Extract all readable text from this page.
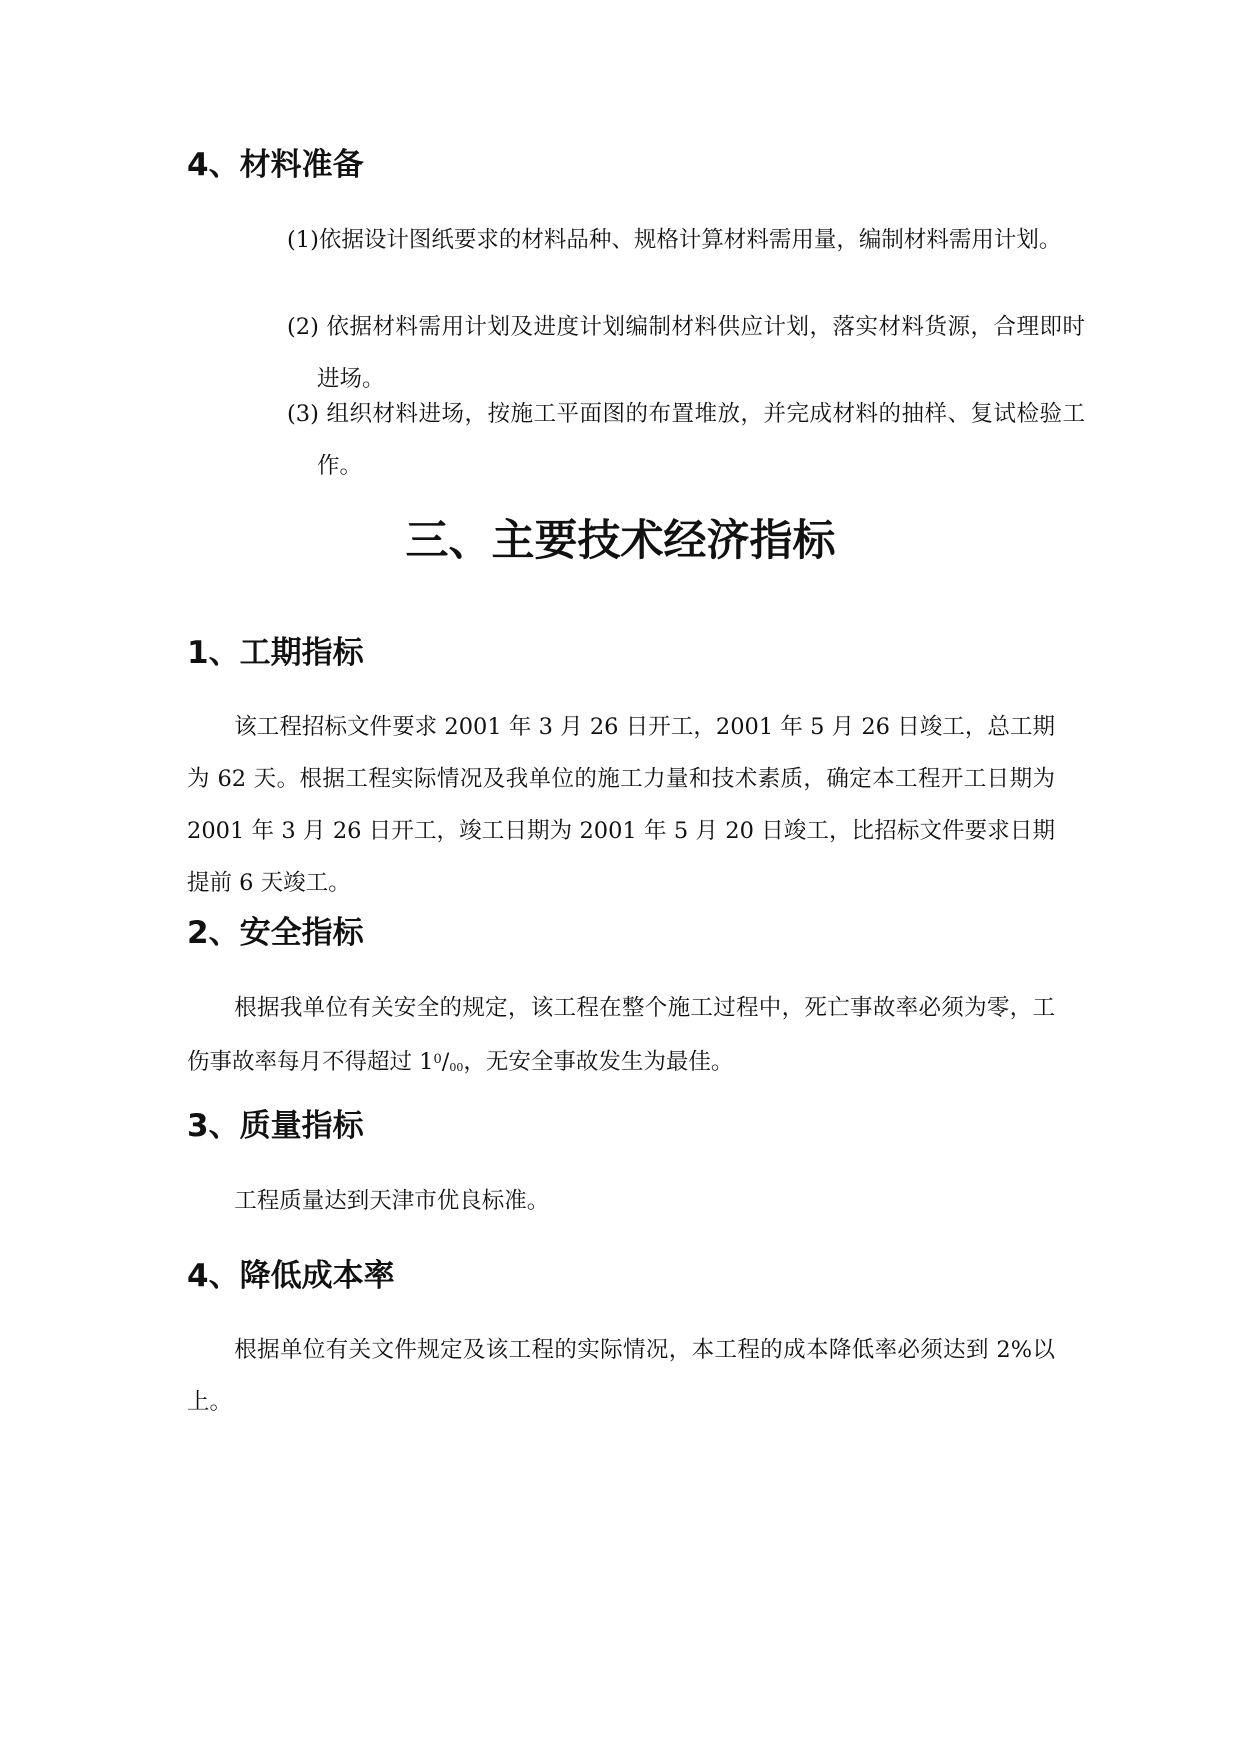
4、材料准备

(1)依据设计图纸要求的材料品种、规格计算材料需用量，编制材料需用计划。

(2) 依据材料需用计划及进度计划编制材料供应计划，落实材料货源，合理即时进场。

(3) 组织材料进场，按施工平面图的布置堆放，并完成材料的抽样、复试检验工作。

三、主要技术经济指标
1、工期指标

该工程招标文件要求 2001 年 3 月 26 日开工，2001 年 5 月 26 日竣工，总工期为 62 天。根据工程实际情况及我单位的施工力量和技术素质，确定本工程开工日期为 2001 年 3 月 26 日开工，竣工日期为 2001 年 5 月 20 日竣工，比招标文件要求日期提前 6 天竣工。

2、安全指标

根据我单位有关安全的规定，该工程在整个施工过程中，死亡事故率必须为零，工伤事故率每月不得超过 $1^0/00$，无安全事故发生为最佳。

3、质量指标

工程质量达到天津市优良标准。

4、降低成本率

根据单位有关文件规定及该工程的实际情况，本工程的成本降低率必须达到 2%以上。
